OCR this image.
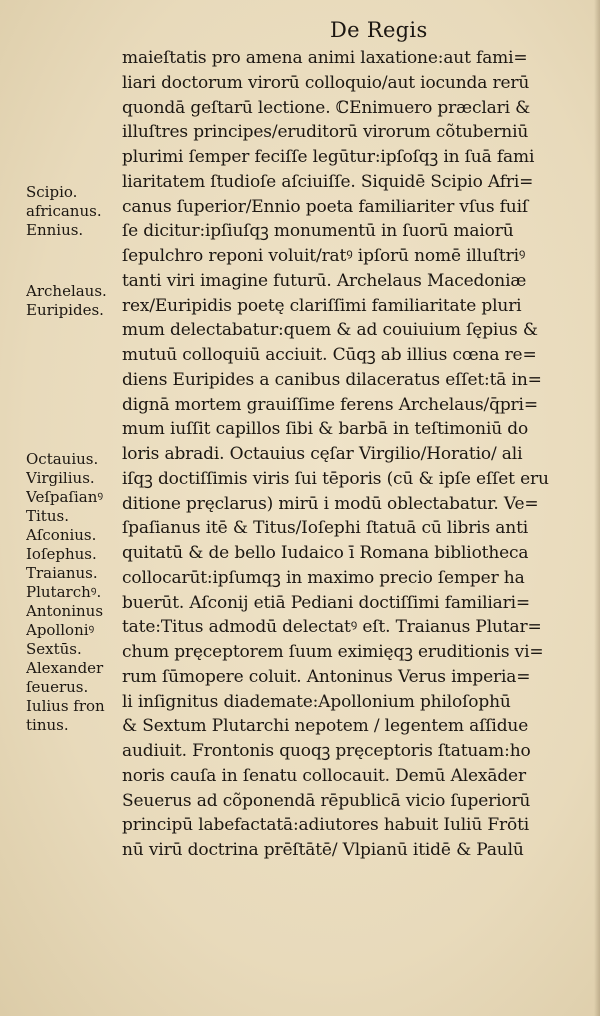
De Regis
maieſtatis pro amena animi laxatione:aut fami=
liari doctorum virorū colloquio/aut iocunda rerū
quondā geſtarū lectione. ℂEnimuero præclari &
illuſtres principes/eruditorū virorum cõtuberniū
plurimi ſemper feciſſe legūtur:ipſoſqꝫ in ſuā fami
liaritatem ſtudioſe aſciuiſſe. Siquidē Scipio Afri=
canus ſuperior/Ennio poeta familiariter vſus fuiſ
ſe dicitur:ipſiuſqꝫ monumentū in ſuorū maiorū
ſepulchro reponi voluit/ratꝰ ipſorū nomē illuſtriꝰ
tanti viri imagine futurū. Archelaus Macedoniæ
rex/Euripidis poetę clariſſimi familiaritate pluri
mum delectabatur:quem & ad couiuium ſępius &
mutuū colloquiū acciuit. Cūqꝫ ab illius cœna re=
diens Euripides a canibus dilaceratus eſſet:tā in=
dignā mortem grauiſſime ferens Archelaus/q̄pri=
mum iuſſit capillos ſibi & barbā in teſtimoniū do
loris abradi. Octauius cęſar Virgilio/Horatio/ ali
iſqꝫ doctiſſimis viris ſui tēporis (cū & ipſe eſſet eru
ditione pręclarus) mirū i modū oblectabatur. Ve=
ſpaſianus itē & Titus/Ioſephi ſtatuā cū libris anti
quitatū & de bello Iudaico ī Romana bibliotheca
collocarūt:ipſumqꝫ in maximo precio ſemper ha
buerūt. Aſconij etiā Pediani doctiſſimi familiari=
tate:Titus admodū delectatꝰ eſt. Traianus Plutar=
chum pręceptorem ſuum eximięqꝫ eruditionis vi=
rum ſūmopere coluit. Antoninus Verus imperia=
li inſignitus diademate:Apollonium philoſophū
& Sextum Plutarchi nepotem / legentem aſſidue
audiuit. Frontonis quoqꝫ pręceptoris ſtatuam:ho
noris cauſa in ſenatu collocauit. Demū Alexāder
Seuerus ad cõponendā rēpublicā vicio ſuperiorū
principū labefactatā:adiutores habuit Iuliū Frōti
nū virū doctrina prēſtātē/ Vlpianū itidē & Paulū
Scipio.
africanus.
Ennius.
Archelaus.
Euripides.
Octauius.
Virgilius.
Veſpaſianꝰ
Titus.
Aſconius.
Ioſephus.
Traianus.
Plutarchꝰ.
Antoninus
Apolloniꝰ
Sextūs.
Alexander
ſeuerus.
Iulius fron
tinus.
